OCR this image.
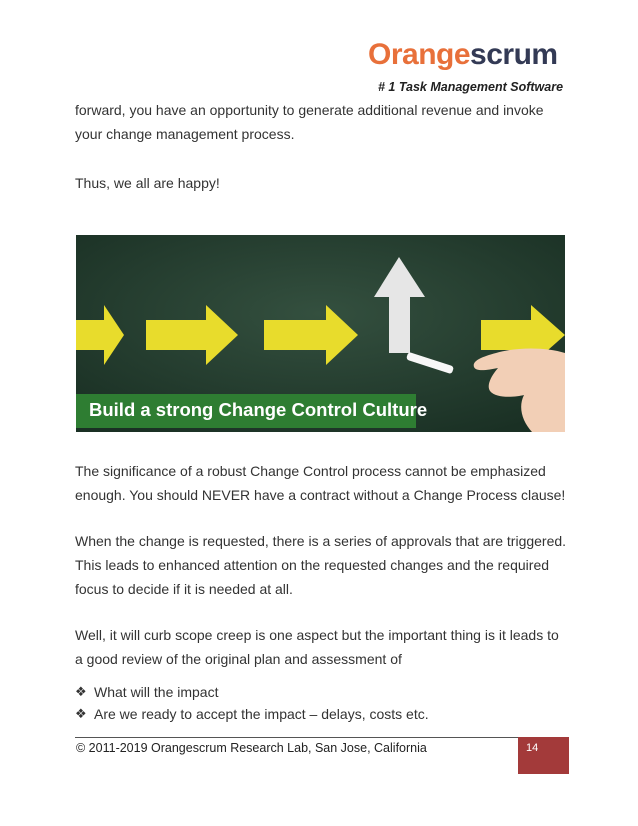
Orangescrum
# 1 Task Management Software
forward, you have an opportunity to generate additional revenue and invoke your change management process.
Thus, we all are happy!
Build a strong Change Control Culture
The significance of a robust Change Control process cannot be emphasized enough. You should NEVER have a contract without a Change Process clause!
When the change is requested, there is a series of approvals that are triggered. This leads to enhanced attention on the requested changes and the required focus to decide if it is needed at all.
Well, it will curb scope creep is one aspect but the important thing is it leads to a good review of the original plan and assessment of
❖ What will the impact
❖ Are we ready to accept the impact – delays, costs etc.
© 2011-2019 Orangescrum Research Lab, San Jose, California	14
